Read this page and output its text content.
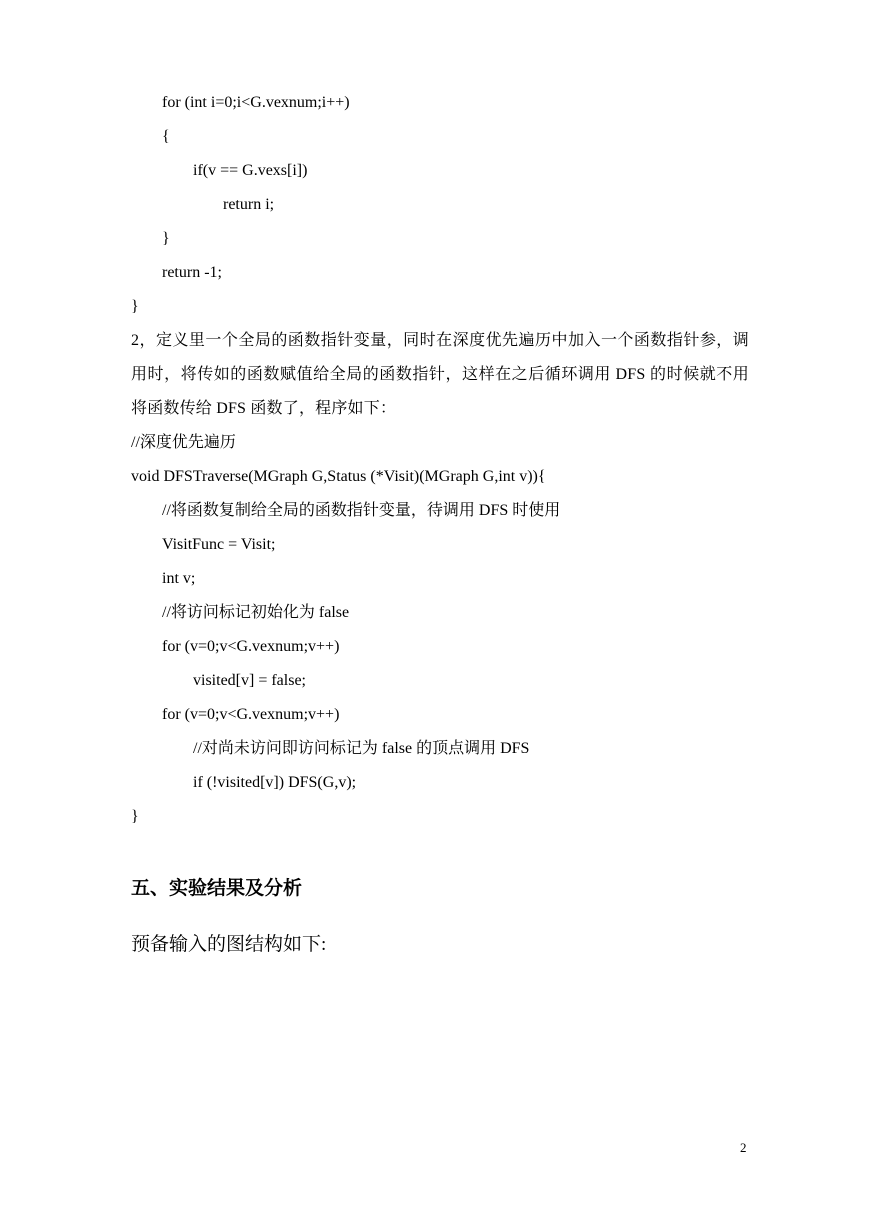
for (int i=0;i<G.vexnum;i++)
{
if(v == G.vexs[i])
return i;
}
return -1;
}
2，定义里一个全局的函数指针变量，同时在深度优先遍历中加入一个函数指针参，调用时，将传如的函数赋值给全局的函数指针，这样在之后循环调用 DFS 的时候就不用将函数传给 DFS 函数了，程序如下：
//深度优先遍历
void DFSTraverse(MGraph G,Status (*Visit)(MGraph G,int v)){
//将函数复制给全局的函数指针变量，待调用 DFS 时使用
VisitFunc = Visit;
int v;
//将访问标记初始化为 false
for (v=0;v<G.vexnum;v++)
visited[v] = false;
for (v=0;v<G.vexnum;v++)
//对尚未访问即访问标记为 false 的顶点调用 DFS
if (!visited[v]) DFS(G,v);
}
五、实验结果及分析
预备输入的图结构如下:
2
